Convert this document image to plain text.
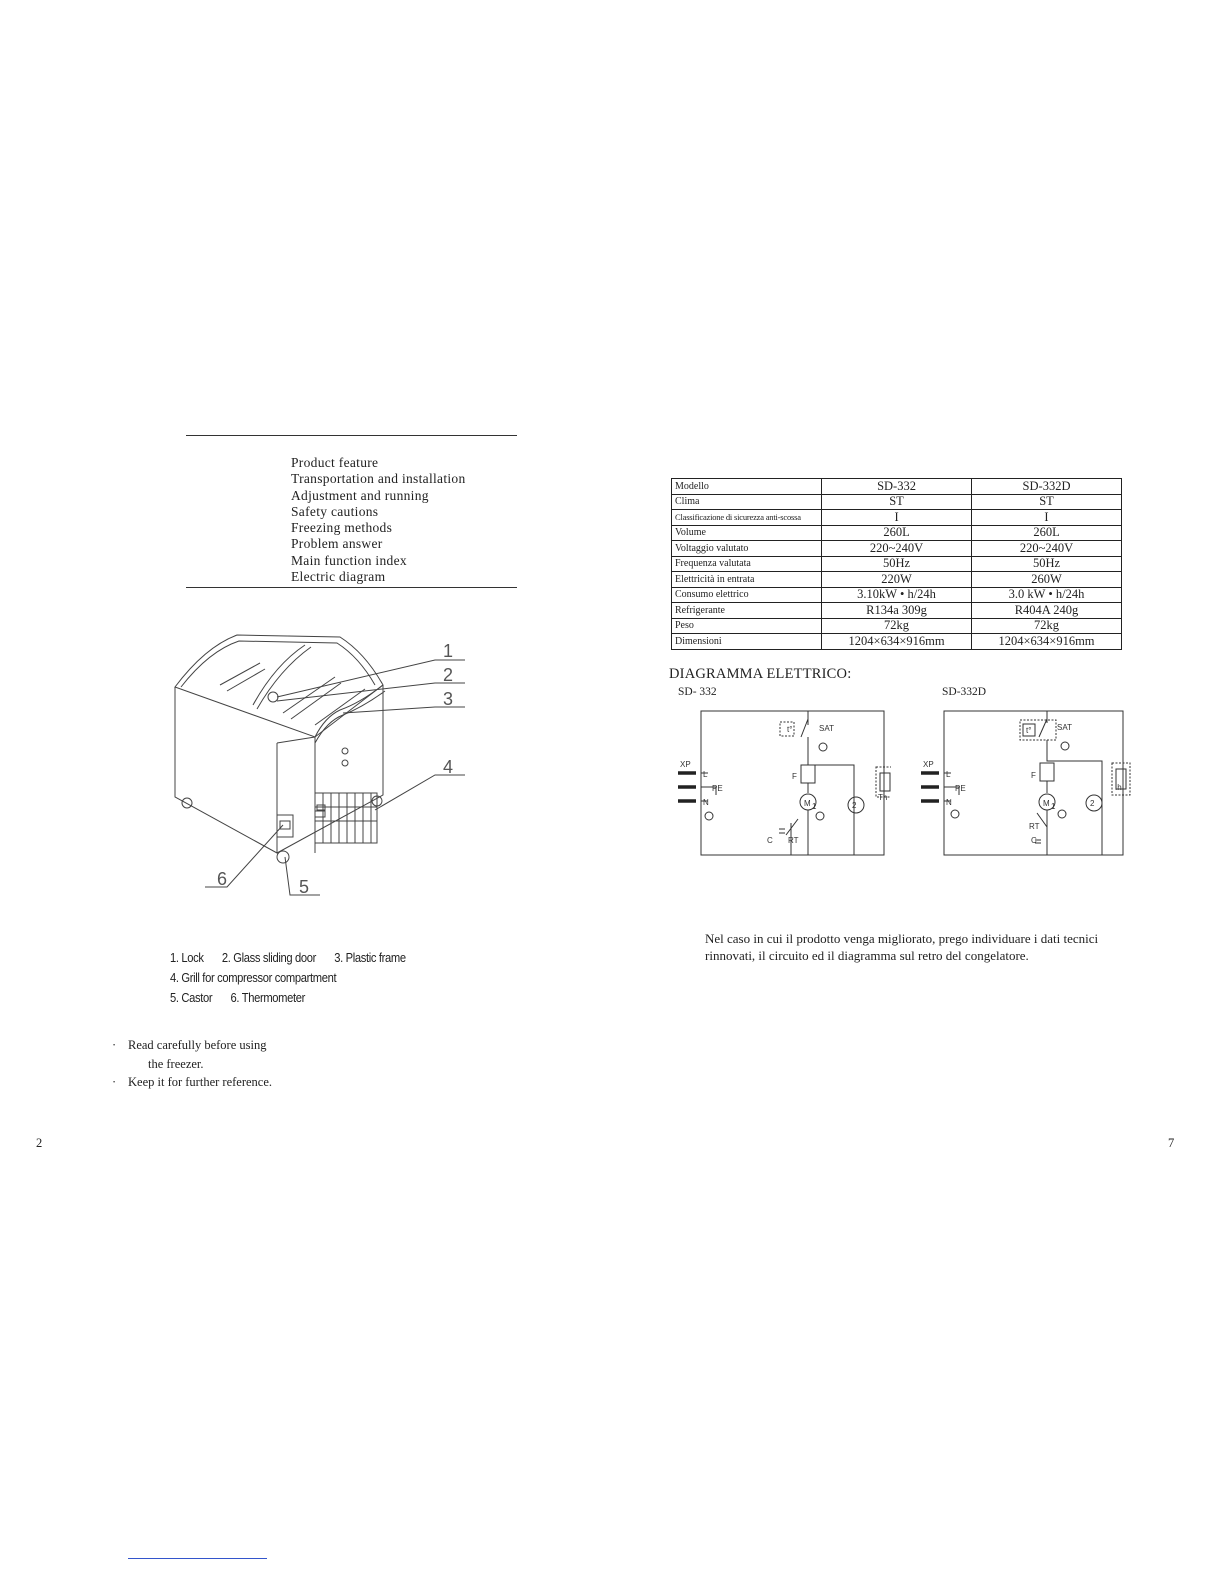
Product feature
Transportation and installation
Adjustment and running
Safety cautions
Freezing methods
Problem answer
Main function index
Electric diagram
1
2
3
4
5
6
1. Lock 2. Glass sliding door 3. Plastic frame
4. Grill for compressor compartment
5. Castor 6. Thermometer
· Read carefully before using
the freezer.
· Keep it for further reference.
2
Modello	SD-332	SD-332D
Clima	ST	ST
Classificazione di sicurezza anti-scossa	I	I
Volume	260L	260L
Voltaggio valutato	220~240V	220~240V
Frequenza valutata	50Hz	50Hz
Elettricità in entrata	220W	260W
Consumo elettrico	3.10kW • h/24h	3.0 kW • h/24h
Refrigerante	R134a 309g	R404A 240g
Peso	72kg	72kg
Dimensioni	1204×634×916mm	1204×634×916mm
DIAGRAMMA ELETTRICO:
SD- 332	SD-332D
t°	SAT
XP
L
PE
N
F
M 1	2
C RT
Th
t°	SAT
XP
L
PE
N
F
M 1	2
RT
C
Ih
Nel caso in cui il prodotto venga migliorato, prego individuare i dati tecnici
rinnovati, il circuito ed il diagramma sul retro del congelatore.
7
